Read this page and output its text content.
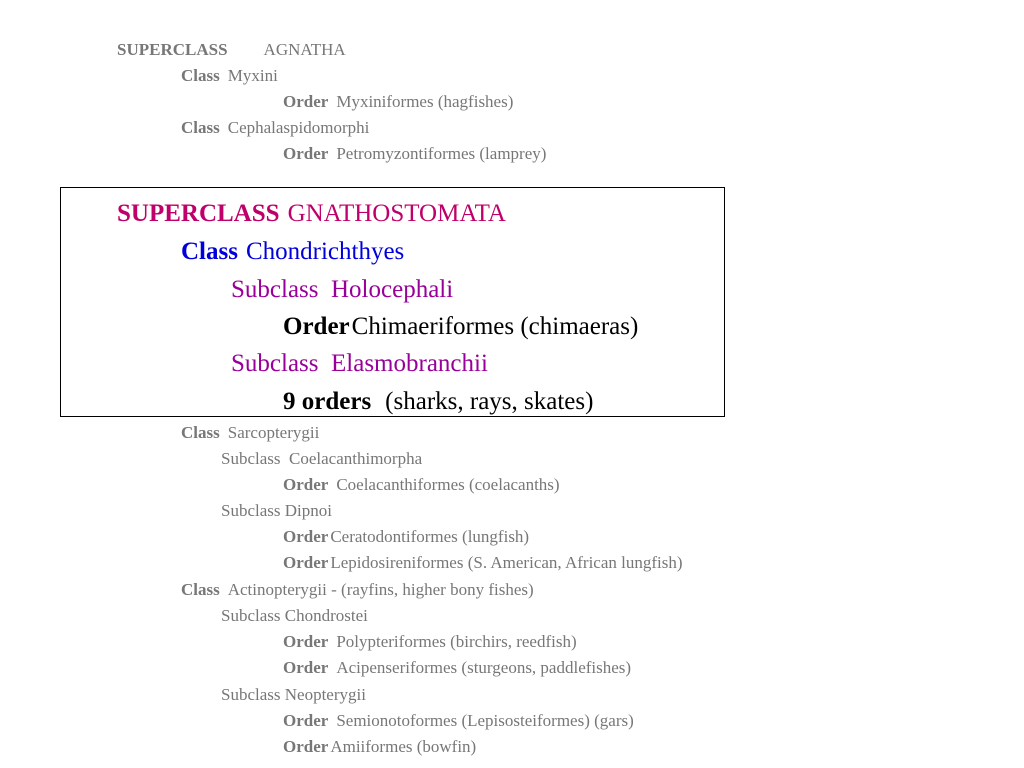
SUPERCLASS AGNATHA
Class Myxini
Order Myxiniformes (hagfishes)
Class Cephalaspidomorphi
Order Petromyzontiformes (lamprey)
SUPERCLASS GNATHOSTOMATA
Class Chondrichthyes
Subclass  Holocephali
OrderChimaeriformes (chimaeras)
Subclass  Elasmobranchii
9 orders (sharks, rays, skates)
Class Sarcopterygii
Subclass  Coelacanthimorpha
Order Coelacanthiformes (coelacanths)
Subclass Dipnoi
Order Ceratodontiformes (lungfish)
Order Lepidosireniformes (S. American, African lungfish)
Class Actinopterygii - (rayfins, higher bony fishes)
Subclass Chondrostei
Order Polypteriformes (birchirs, reedfish)
Order Acipenseriformes (sturgeons, paddlefishes)
Subclass Neopterygii
Order Semionotoformes (Lepisosteiformes) (gars)
Order Amiiformes (bowfin)
